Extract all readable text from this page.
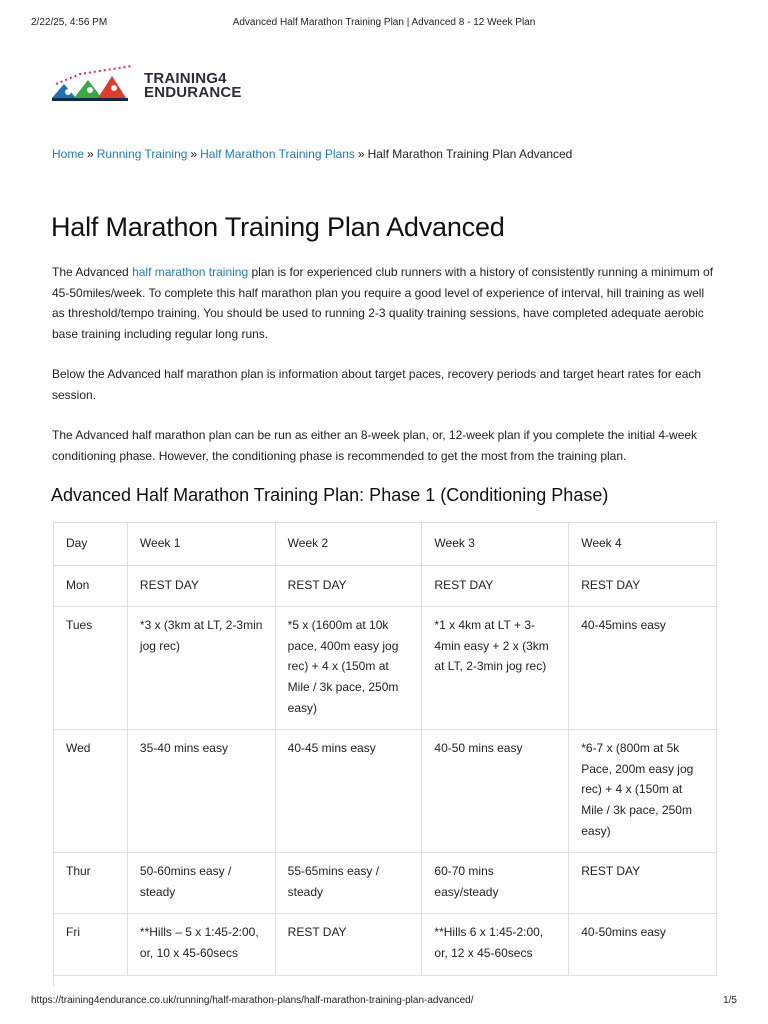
2/22/25, 4:56 PM	Advanced Half Marathon Training Plan | Advanced 8 - 12 Week Plan
TRAINING4
ENDURANCE
Home » Running Training » Half Marathon Training Plans » Half Marathon Training Plan Advanced
Half Marathon Training Plan Advanced

The Advanced half marathon training plan is for experienced club runners with a history of consistently running a minimum of 45-50miles/week. To complete this half marathon plan you require a good level of experience of interval, hill training as well as threshold/tempo training. You should be used to running 2-3 quality training sessions, have completed adequate aerobic base training including regular long runs.

Below the Advanced half marathon plan is information about target paces, recovery periods and target heart rates for each session.

The Advanced half marathon plan can be run as either an 8-week plan, or, 12-week plan if you complete the initial 4-week conditioning phase. However, the conditioning phase is recommended to get the most from the training plan.

Advanced Half Marathon Training Plan: Phase 1 (Conditioning Phase)
Day	Week 1	Week 2	Week 3	Week 4
Mon	REST DAY	REST DAY	REST DAY	REST DAY
Tues	*3 x (3km at LT, 2-3min jog rec)	*5 x (1600m at 10k pace, 400m easy jog rec) + 4 x (150m at Mile / 3k pace, 250m easy)	*1 x 4km at LT + 3-4min easy + 2 x (3km at LT, 2-3min jog rec)	40-45mins easy
Wed	35-40 mins easy	40-45 mins easy	40-50 mins easy	*6-7 x (800m at 5k Pace, 200m easy jog rec) + 4 x (150m at Mile / 3k pace, 250m easy)
Thur	50-60mins easy / steady	55-65mins easy / steady	60-70 mins easy/steady	REST DAY
Fri	**Hills – 5 x 1:45-2:00, or, 10 x 45-60secs	REST DAY	**Hills 6 x 1:45-2:00, or, 12 x 45-60secs	40-50mins easy
https://training4endurance.co.uk/running/half-marathon-plans/half-marathon-training-plan-advanced/	1/5
